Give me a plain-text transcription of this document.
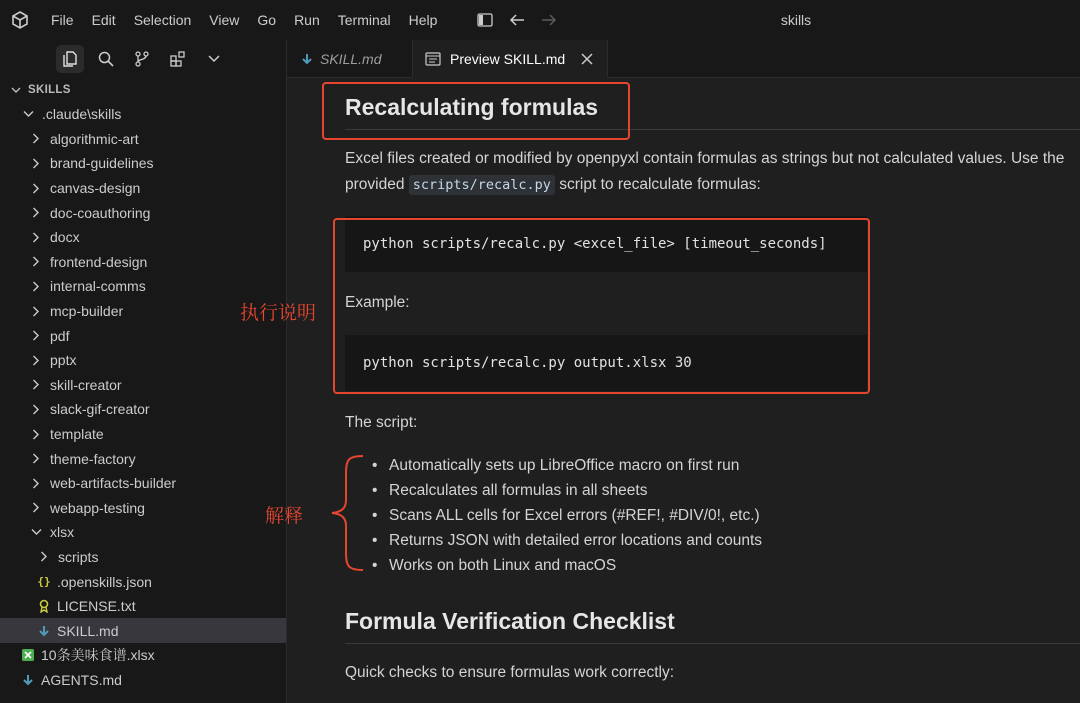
File	Edit	Selection	View	Go	Run	Terminal	Help	skills
SKILLS
.claude\skills
algorithmic-art
brand-guidelines
canvas-design
doc-coauthoring
docx
frontend-design
internal-comms
mcp-builder
pdf
pptx
skill-creator
slack-gif-creator
template
theme-factory
web-artifacts-builder
webapp-testing
xlsx
scripts
{} .openskills.json
LICENSE.txt
SKILL.md
10条美味食谱.xlsx
AGENTS.md
SKILL.md	Preview SKILL.md
Recalculating formulas

Excel files created or modified by openpyxl contain formulas as strings but not calculated values. Use the provided scripts/recalc.py script to recalculate formulas:

python scripts/recalc.py <excel_file> [timeout_seconds]

Example:

python scripts/recalc.py output.xlsx 30

The script:

• Automatically sets up LibreOffice macro on first run
• Recalculates all formulas in all sheets
• Scans ALL cells for Excel errors (#REF!, #DIV/0!, etc.)
• Returns JSON with detailed error locations and counts
• Works on both Linux and macOS
Formula Verification Checklist

Quick checks to ensure formulas work correctly:

执行说明
解释
